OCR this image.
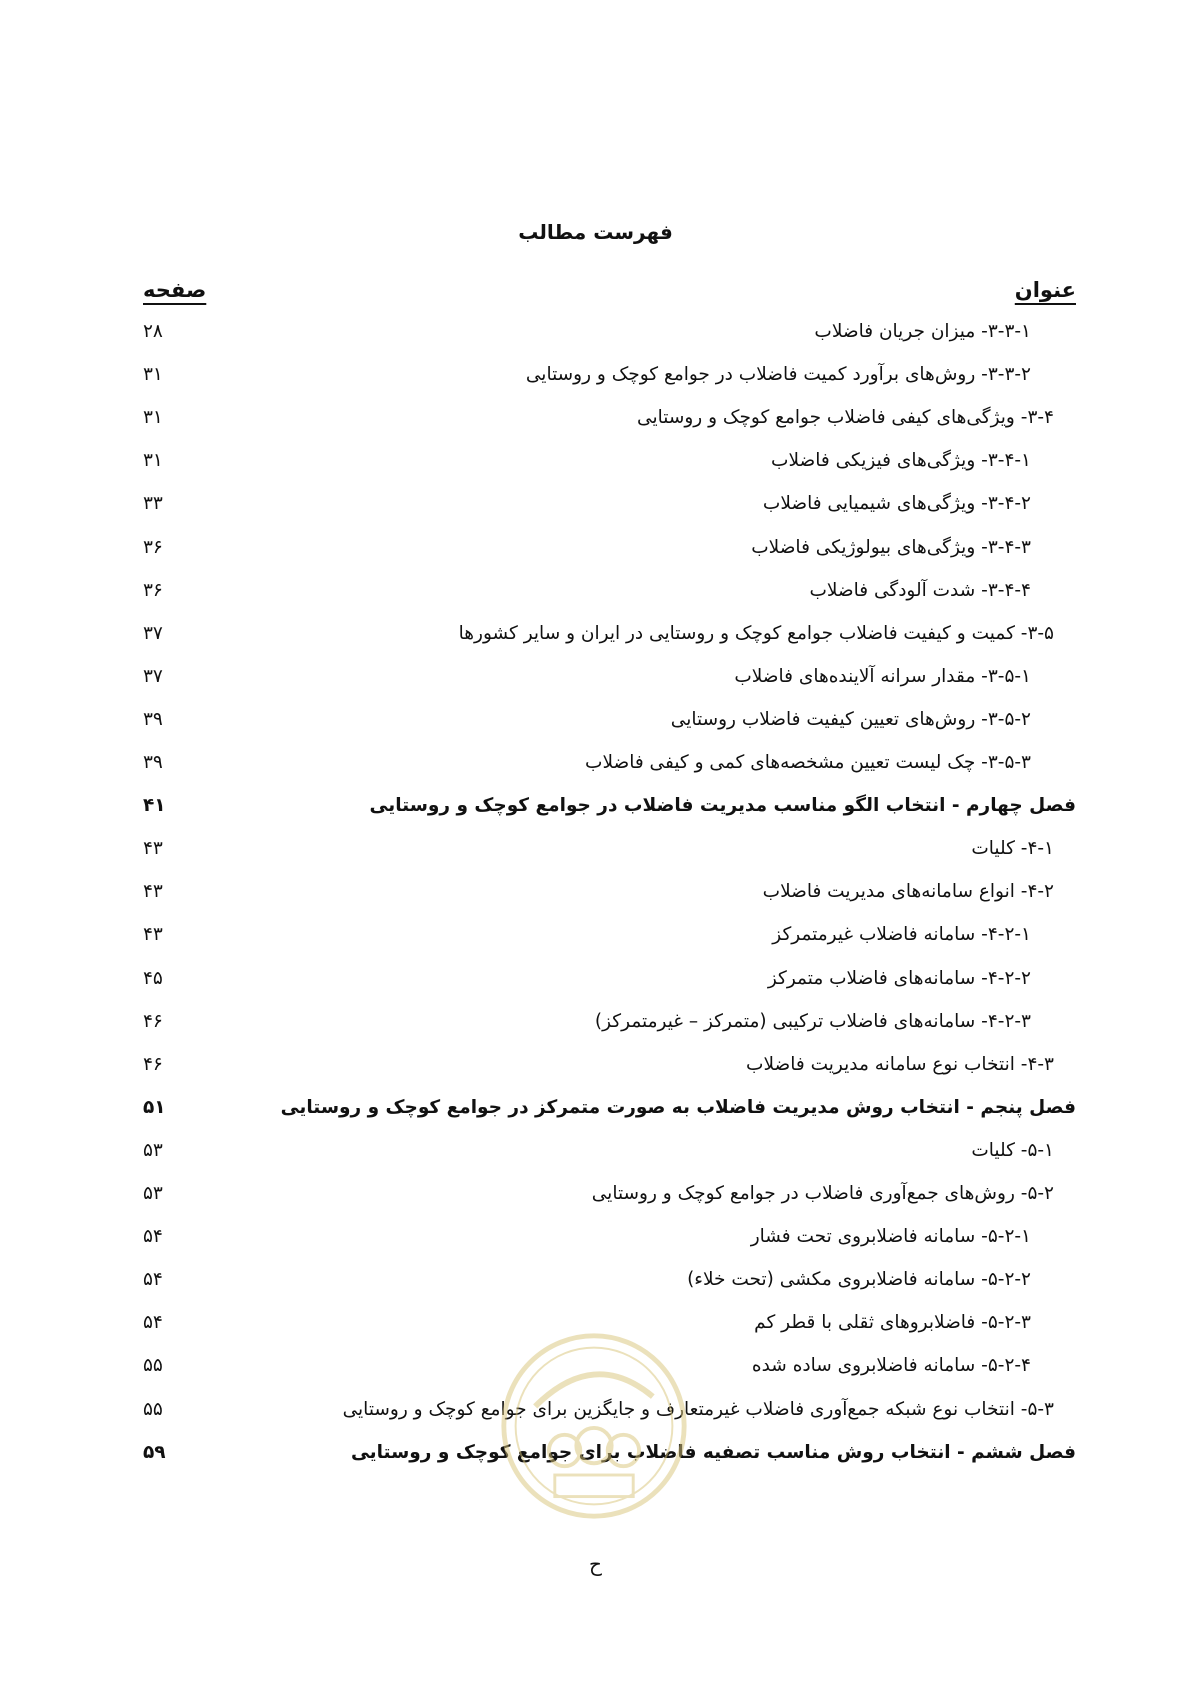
فهرست مطالب
عنوان
صفحه
۳-۳-۱- میزان جریان فاضلاب
۲۸
۳-۳-۲- روش‌های برآورد کمیت فاضلاب در جوامع کوچک و روستایی
۳۱
۳-۴- ویژگی‌های کیفی فاضلاب جوامع کوچک و روستایی
۳۱
۳-۴-۱- ویژگی‌های فیزیکی فاضلاب
۳۱
۳-۴-۲- ویژگی‌های شیمیایی فاضلاب
۳۳
۳-۴-۳- ویژگی‌های بیولوژیکی فاضلاب
۳۶
۳-۴-۴- شدت آلودگی فاضلاب
۳۶
۳-۵- کمیت و کیفیت فاضلاب جوامع کوچک و روستایی در ایران و سایر کشورها
۳۷
۳-۵-۱- مقدار سرانه آلاینده‌های فاضلاب
۳۷
۳-۵-۲- روش‌های تعیین کیفیت فاضلاب روستایی
۳۹
۳-۵-۳- چک لیست تعیین مشخصه‌های کمی و کیفی فاضلاب
۳۹
فصل چهارم - انتخاب الگو مناسب مدیریت فاضلاب در جوامع کوچک و روستایی
۴۱
۴-۱- کلیات
۴۳
۴-۲- انواع سامانه‌های مدیریت فاضلاب
۴۳
۴-۲-۱- سامانه فاضلاب غیرمتمرکز
۴۳
۴-۲-۲- سامانه‌های فاضلاب متمرکز
۴۵
۴-۲-۳- سامانه‌های فاضلاب ترکیبی (متمرکز – غیرمتمرکز)
۴۶
۴-۳- انتخاب نوع سامانه مدیریت فاضلاب
۴۶
فصل پنجم - انتخاب روش مدیریت فاضلاب به صورت متمرکز در جوامع کوچک و روستایی
۵۱
۵-۱- کلیات
۵۳
۵-۲- روش‌های جمع‌آوری فاضلاب در جوامع کوچک و روستایی
۵۳
۵-۲-۱- سامانه فاضلابروی تحت فشار
۵۴
۵-۲-۲- سامانه فاضلابروی مکشی (تحت خلاء)
۵۴
۵-۲-۳- فاضلابروهای ثقلی با قطر کم
۵۴
۵-۲-۴- سامانه فاضلابروی ساده شده
۵۵
۵-۳- انتخاب نوع شبکه جمع‌آوری فاضلاب غیرمتعارف و جایگزین برای جوامع کوچک و روستایی
۵۵
فصل ششم - انتخاب روش مناسب تصفیه فاضلاب برای جوامع کوچک و روستایی
۵۹
ح
